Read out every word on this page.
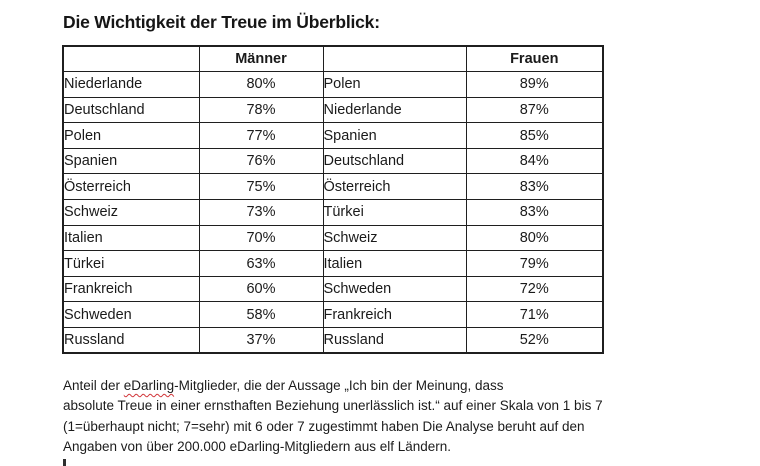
Die Wichtigkeit der Treue im Überblick:
	Männer		Frauen
Niederlande	80%	Polen	89%
Deutschland	78%	Niederlande	87%
Polen	77%	Spanien	85%
Spanien	76%	Deutschland	84%
Österreich	75%	Österreich	83%
Schweiz	73%	Türkei	83%
Italien	70%	Schweiz	80%
Türkei	63%	Italien	79%
Frankreich	60%	Schweden	72%
Schweden	58%	Frankreich	71%
Russland	37%	Russland	52%
Anteil der eDarling-Mitglieder, die der Aussage „Ich bin der Meinung, dass
absolute Treue in einer ernsthaften Beziehung unerlässlich ist.“ auf einer Skala von 1 bis 7
(1=überhaupt nicht; 7=sehr) mit 6 oder 7 zugestimmt haben Die Analyse beruht auf den
Angaben von über 200.000 eDarling-Mitgliedern aus elf Ländern.
